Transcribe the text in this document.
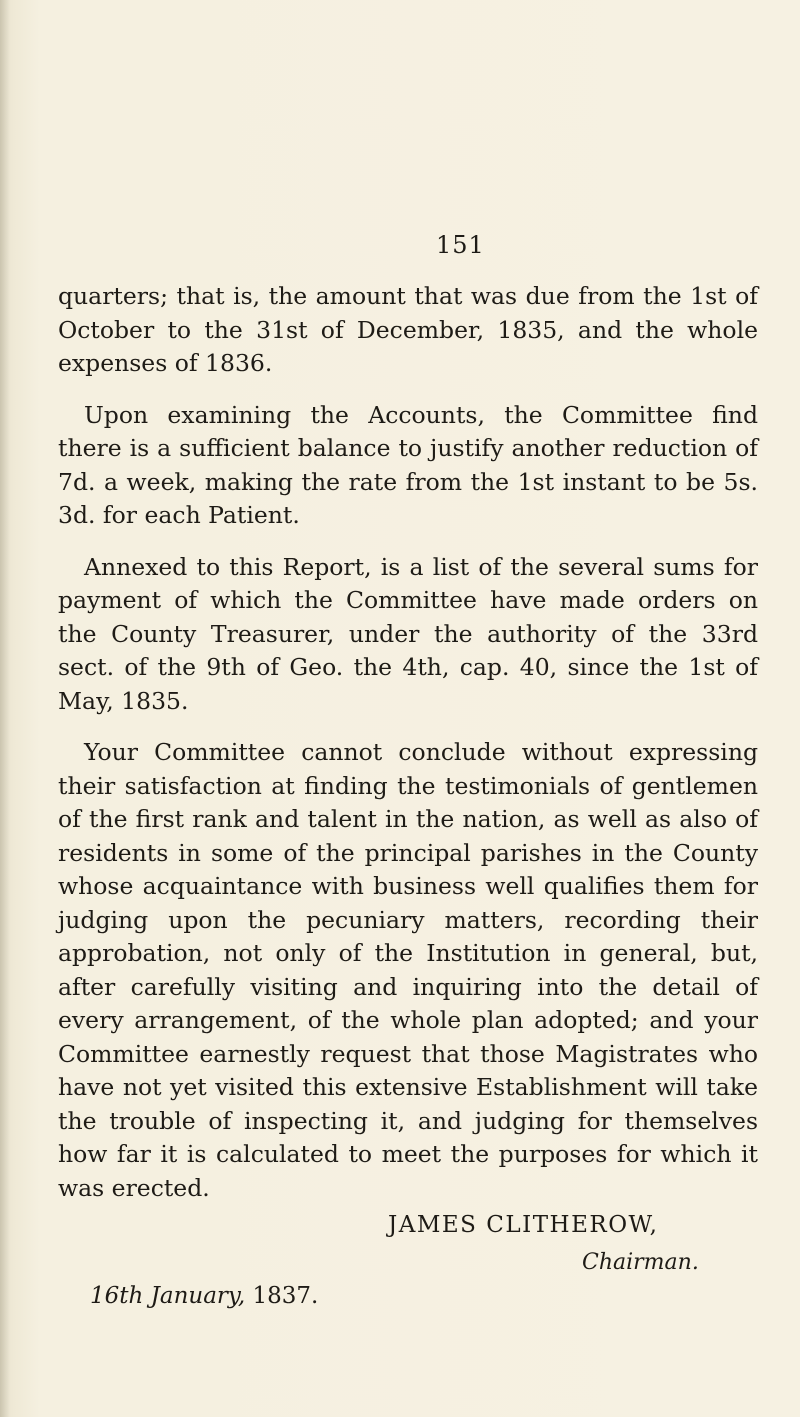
151

quarters; that is, the amount that was due from the 1st of October to the 31st of December, 1835, and the whole expenses of 1836.

Upon examining the Accounts, the Committee find there is a sufficient balance to justify another reduction of 7d. a week, making the rate from the 1st instant to be 5s. 3d. for each Patient.

Annexed to this Report, is a list of the several sums for payment of which the Committee have made orders on the County Treasurer, under the authority of the 33rd sect. of the 9th of Geo. the 4th, cap. 40, since the 1st of May, 1835.

Your Committee cannot conclude without expressing their satisfaction at finding the testimonials of gentlemen of the first rank and talent in the nation, as well as also of residents in some of the principal parishes in the County whose acquaintance with business well qualifies them for judging upon the pecuniary matters, recording their approbation, not only of the Institution in general, but, after carefully visiting and inquiring into the detail of every arrangement, of the whole plan adopted; and your Committee earnestly request that those Magistrates who have not yet visited this extensive Establishment will take the trouble of inspecting it, and judging for themselves how far it is calculated to meet the purposes for which it was erected.

JAMES CLITHEROW,
Chairman.
16th January, 1837.
